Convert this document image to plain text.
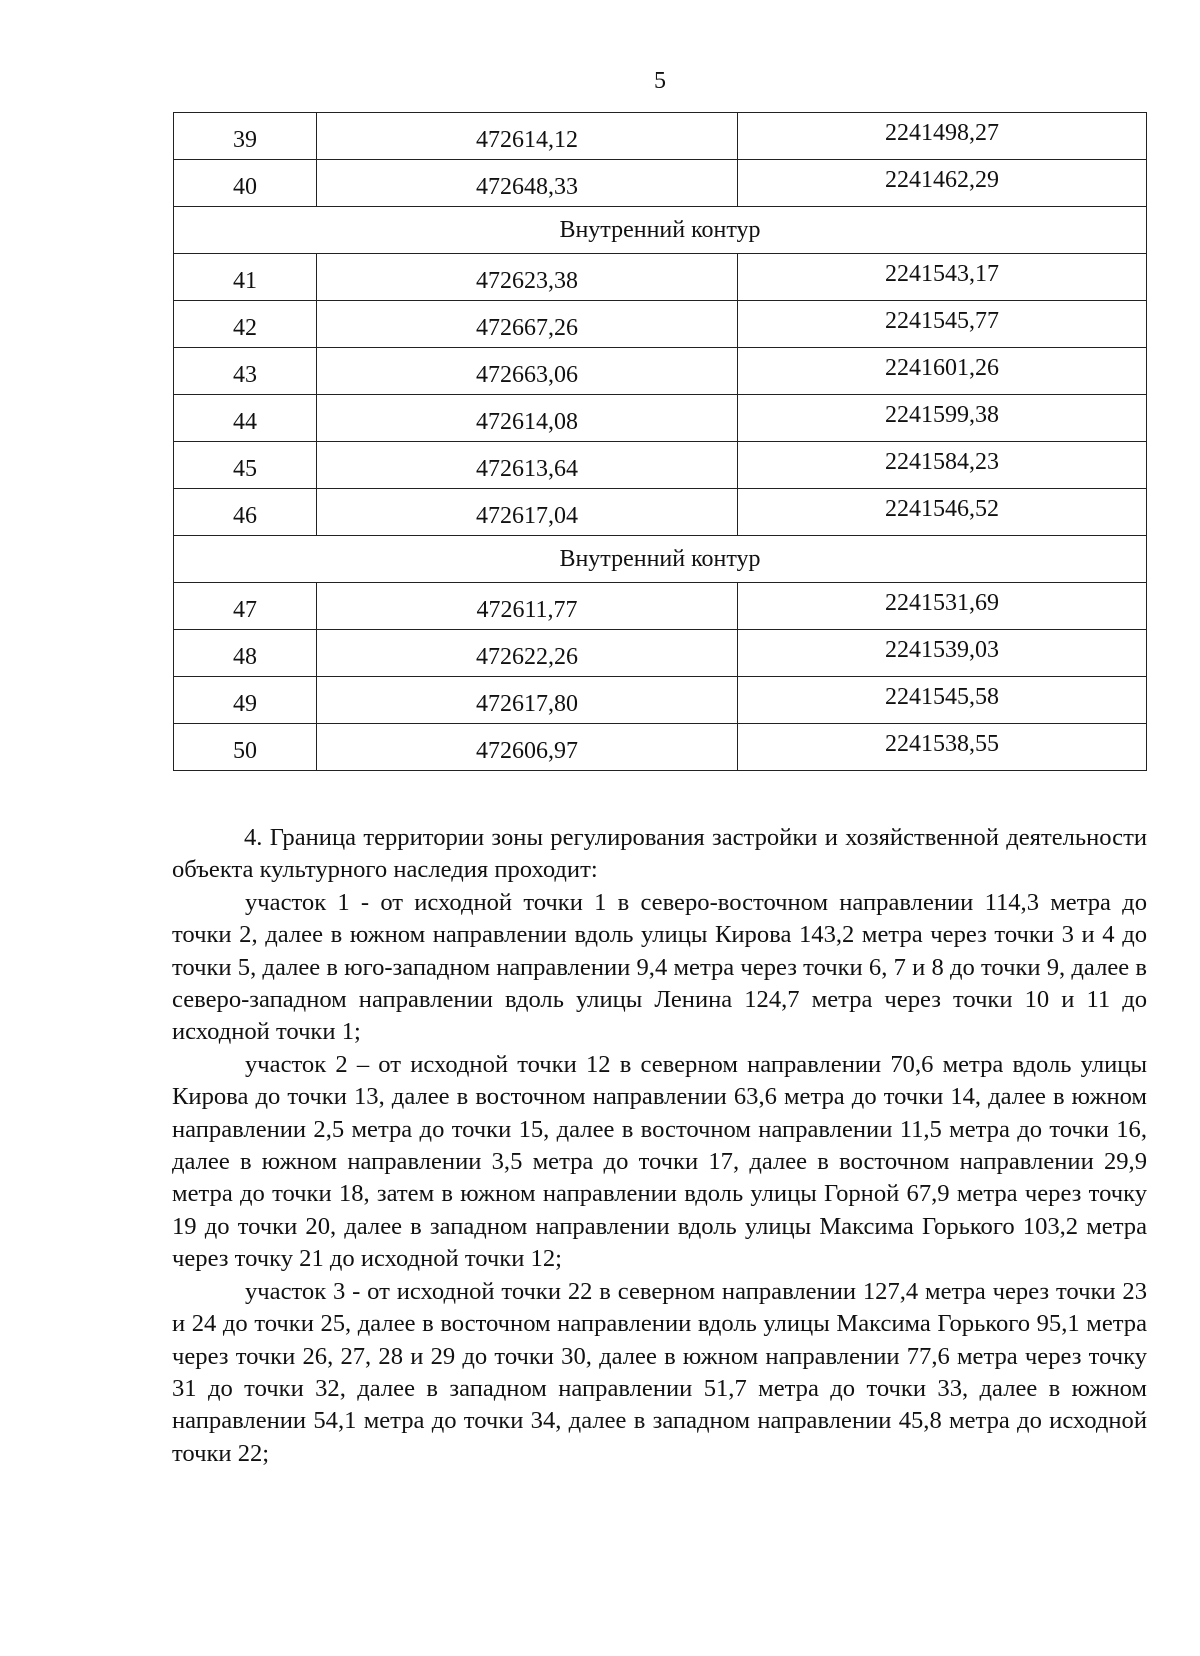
5
39	472614,12	2241498,27
40	472648,33	2241462,29
Внутренний контур		
41	472623,38	2241543,17
42	472667,26	2241545,77
43	472663,06	2241601,26
44	472614,08	2241599,38
45	472613,64	2241584,23
46	472617,04	2241546,52
Внутренний контур		
47	472611,77	2241531,69
48	472622,26	2241539,03
49	472617,80	2241545,58
50	472606,97	2241538,55

4. Граница территории зоны регулирования застройки и хозяйственной деятельности объекта культурного наследия проходит:

участок 1 - от исходной точки 1 в северо-восточном направлении 114,3 метра до точки 2, далее в южном направлении вдоль улицы Кирова 143,2 метра через точки 3 и 4 до точки 5, далее в юго-западном направлении 9,4 метра через точки 6, 7 и 8 до точки 9, далее в северо-западном направлении вдоль улицы Ленина 124,7 метра через точки 10 и 11 до исходной точки 1;

участок 2 – от исходной точки 12 в северном направлении 70,6 метра вдоль улицы Кирова до точки 13, далее в восточном направлении 63,6 метра до точки 14, далее в южном направлении 2,5 метра до точки 15, далее в восточном направлении 11,5 метра до точки 16, далее в южном направлении 3,5 метра до точки 17, далее в восточном направлении 29,9 метра до точки 18, затем в южном направлении вдоль улицы Горной 67,9 метра через точку 19 до точки 20, далее в западном направлении вдоль улицы Максима Горького 103,2 метра через точку 21 до исходной точки 12;

участок 3 - от исходной точки 22 в северном направлении 127,4 метра через точки 23 и 24 до точки 25, далее в восточном направлении вдоль улицы Максима Горького 95,1 метра через точки 26, 27, 28 и 29 до точки 30, далее в южном направлении 77,6 метра через точку 31 до точки 32, далее в западном направлении 51,7 метра до точки 33, далее в южном направлении 54,1 метра до точки 34, далее в западном направлении 45,8 метра до исходной точки 22;
